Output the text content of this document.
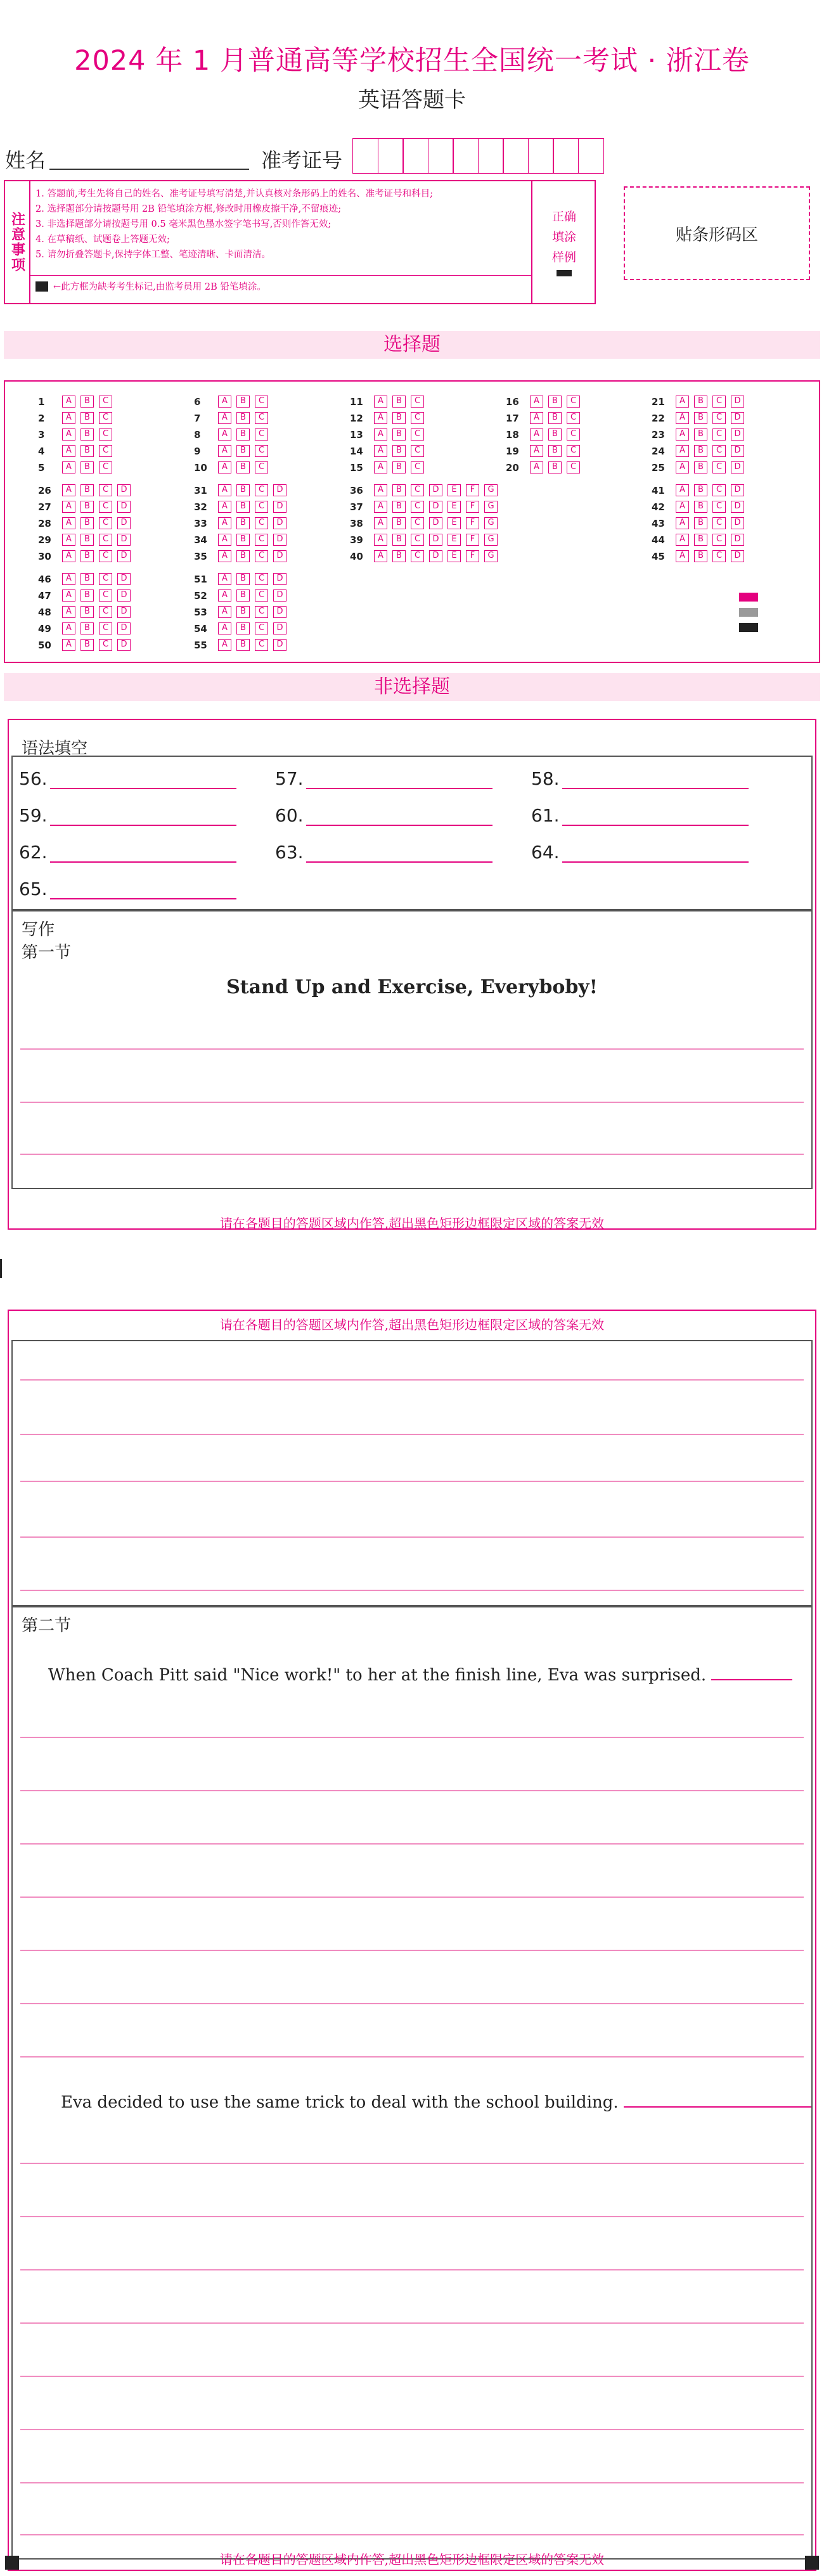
2024 年 1 月普通高等学校招生全国统一考试 · 浙江卷
英语答题卡
姓名	准考证号
注意事项
1. 答题前,考生先将自己的姓名、准考证号填写清楚,并认真核对条形码上的姓名、准考证号和科目;
2. 选择题部分请按题号用 2B 铅笔填涂方框,修改时用橡皮擦干净,不留痕迹;
3. 非选择题部分请按题号用 0.5 毫米黑色墨水签字笔书写,否则作答无效;
4. 在草稿纸、试题卷上答题无效;
5. 请勿折叠答题卡,保持字体工整、笔迹清晰、卡面清洁。
←此方框为缺考考生标记,由监考员用 2B 铅笔填涂。
正确填涂样例
贴条形码区
选择题
1	A	B	C
2	A	B	C
3	A	B	C
4	A	B	C
5	A	B	C
6	A	B	C
7	A	B	C
8	A	B	C
9	A	B	C
10	A	B	C
11	A	B	C
12	A	B	C
13	A	B	C
14	A	B	C
15	A	B	C
16	A	B	C
17	A	B	C
18	A	B	C
19	A	B	C
20	A	B	C
21	A	B	C	D
22	A	B	C	D
23	A	B	C	D
24	A	B	C	D
25	A	B	C	D
26	A	B	C	D
27	A	B	C	D
28	A	B	C	D
29	A	B	C	D
30	A	B	C	D
31	A	B	C	D
32	A	B	C	D
33	A	B	C	D
34	A	B	C	D
35	A	B	C	D
36	A	B	C	D	E	F	G
37	A	B	C	D	E	F	G
38	A	B	C	D	E	F	G
39	A	B	C	D	E	F	G
40	A	B	C	D	E	F	G
41	A	B	C	D
42	A	B	C	D
43	A	B	C	D
44	A	B	C	D
45	A	B	C	D
46	A	B	C	D
47	A	B	C	D
48	A	B	C	D
49	A	B	C	D
50	A	B	C	D
51	A	B	C	D
52	A	B	C	D
53	A	B	C	D
54	A	B	C	D
55	A	B	C	D
非选择题
语法填空
56.	57.	58.
59.	60.	61.
62.	63.	64.
65.
写作
第一节
Stand Up and Exercise, Everyboby!
请在各题目的答题区域内作答,超出黑色矩形边框限定区域的答案无效
请在各题目的答题区域内作答,超出黑色矩形边框限定区域的答案无效
第二节
When Coach Pitt said "Nice work!" to her at the finish line, Eva was surprised.
Eva decided to use the same trick to deal with the school building.
请在各题目的答题区域内作答,超出黑色矩形边框限定区域的答案无效
